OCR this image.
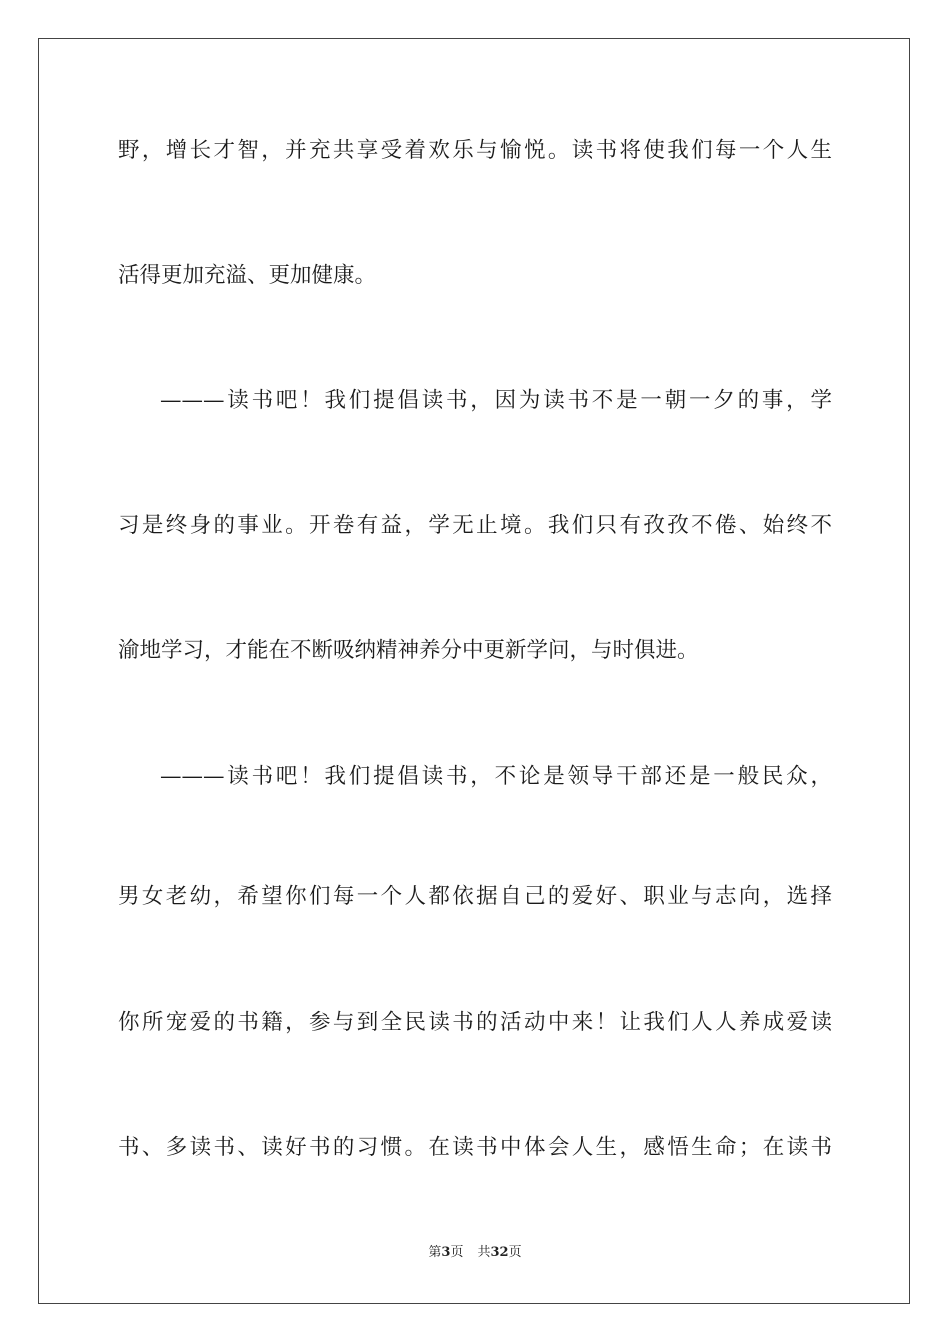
野，增长才智，并充共享受着欢乐与愉悦。读书将使我们每一个人生
活得更加充溢、更加健康。
———读书吧！我们提倡读书，因为读书不是一朝一夕的事，学
习是终身的事业。开卷有益，学无止境。我们只有孜孜不倦、始终不
渝地学习，才能在不断吸纳精神养分中更新学问，与时俱进。
———读书吧！我们提倡读书，不论是领导干部还是一般民众，
男女老幼，希望你们每一个人都依据自己的爱好、职业与志向，选择
你所宠爱的书籍，参与到全民读书的活动中来！让我们人人养成爱读
书、多读书、读好书的习惯。在读书中体会人生，感悟生命；在读书
第3页 共32页
